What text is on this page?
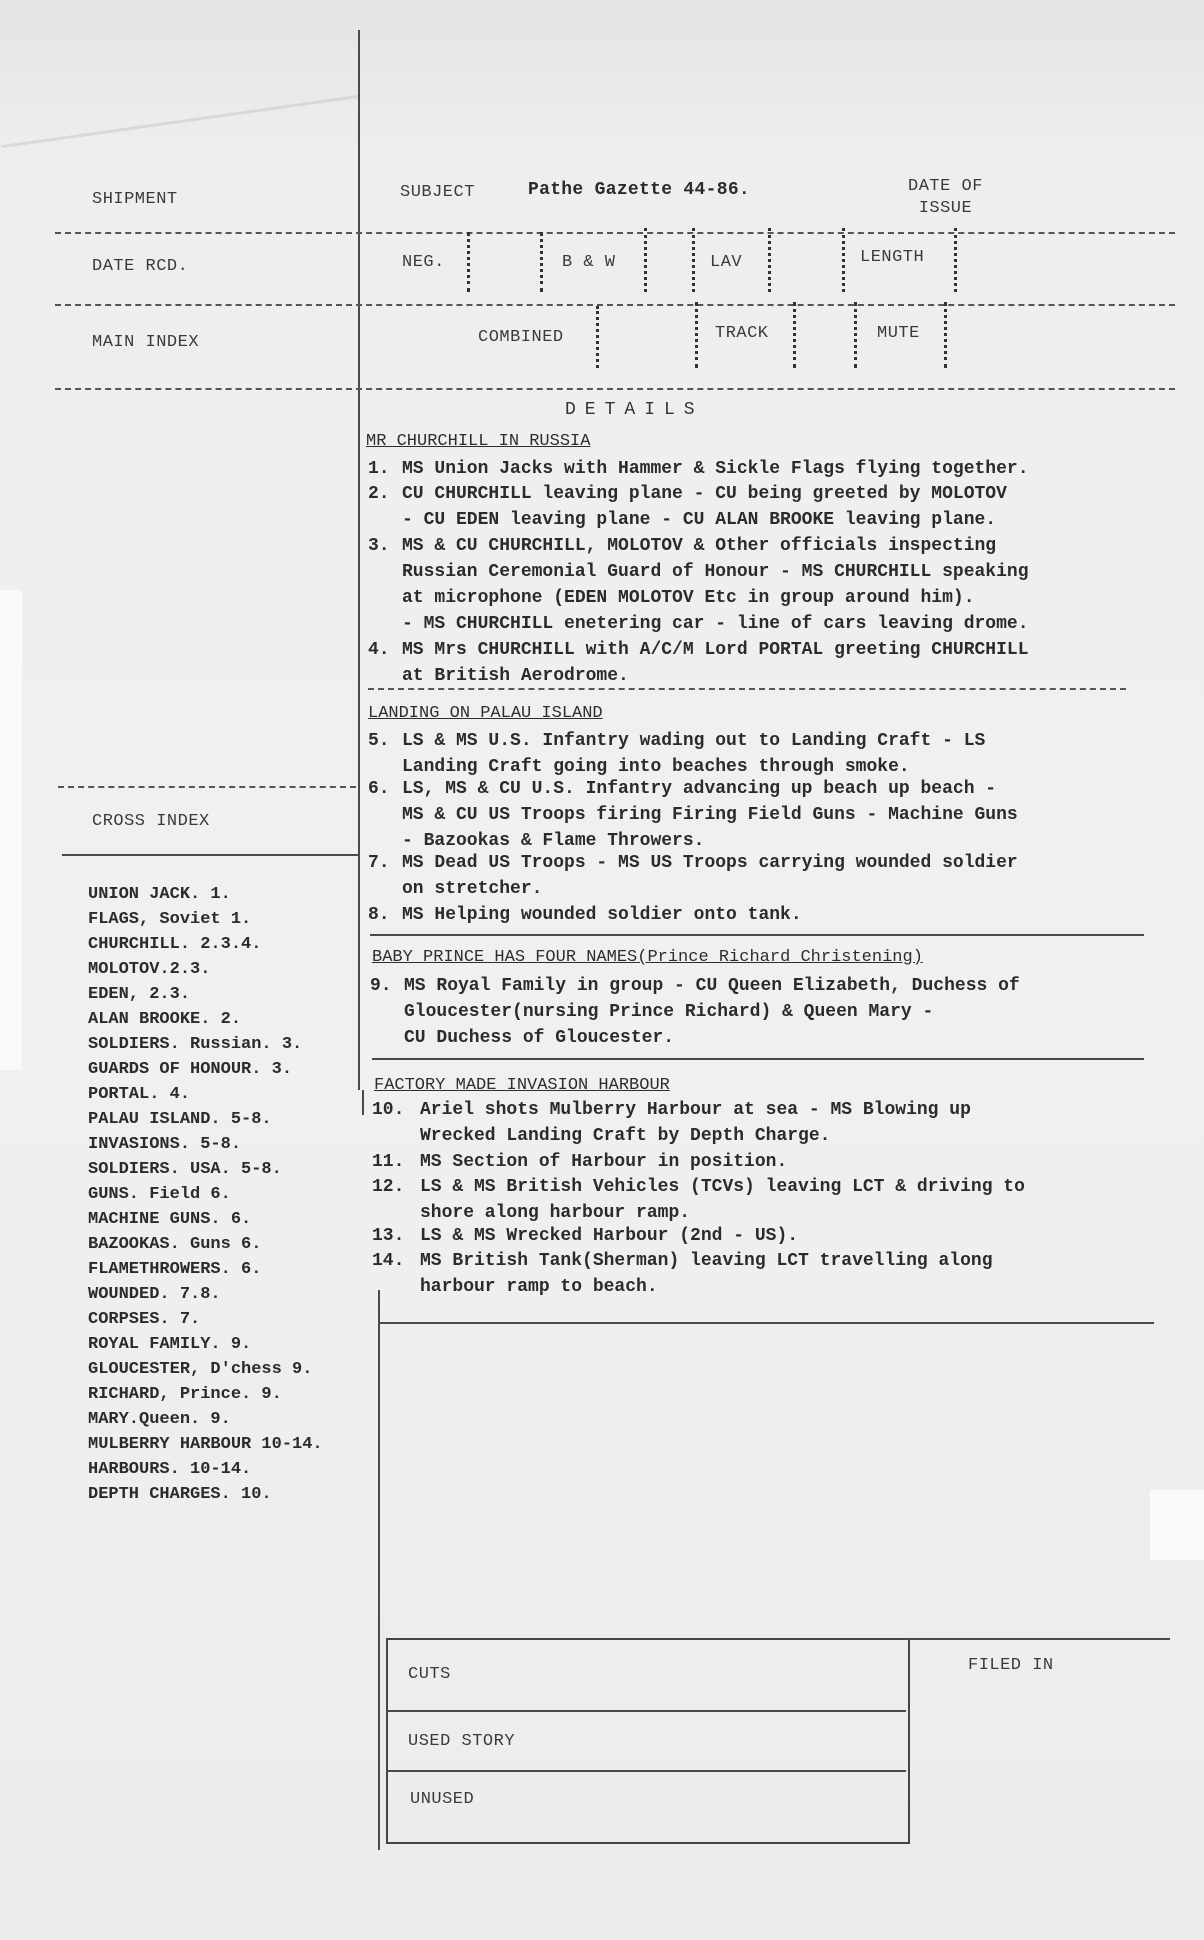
SHIPMENT	SUBJECT	Pathe Gazette 44-86.	DATE OF
ISSUE
DATE RCD.	NEG.	B & W	LAV	LENGTH
MAIN INDEX	COMBINED	TRACK	MUTE
DETAILS
MR CHURCHILL IN RUSSIA
1. MS Union Jacks with Hammer & Sickle Flags flying together.
2. CU CHURCHILL leaving plane - CU being greeted by MOLOTOV
- CU EDEN leaving plane - CU ALAN BROOKE leaving plane.
3. MS & CU CHURCHILL, MOLOTOV & Other officials inspecting
Russian Ceremonial Guard of Honour - MS CHURCHILL speaking
at microphone (EDEN MOLOTOV Etc in group around him).
- MS CHURCHILL enetering car - line of cars leaving drome.
4. MS Mrs CHURCHILL with A/C/M Lord PORTAL greeting CHURCHILL
at British Aerodrome.
LANDING ON PALAU ISLAND
5. LS & MS U.S. Infantry wading out to Landing Craft - LS
Landing Craft going into beaches through smoke.
6. LS, MS & CU U.S. Infantry advancing up beach up beach -
MS & CU US Troops firing Firing Field Guns - Machine Guns
- Bazookas & Flame Throwers.
7. MS Dead US Troops - MS US Troops carrying wounded soldier
on stretcher.
8. MS Helping wounded soldier onto tank.
BABY PRINCE HAS FOUR NAMES(Prince Richard Christening)
9. MS Royal Family in group - CU Queen Elizabeth, Duchess of
Gloucester(nursing Prince Richard) & Queen Mary -
CU Duchess of Gloucester.
FACTORY MADE INVASION HARBOUR
10. Ariel shots Mulberry Harbour at sea - MS Blowing up
Wrecked Landing Craft by Depth Charge.
11. MS Section of Harbour in position.
12. LS & MS British Vehicles (TCVs) leaving LCT & driving to
shore along harbour ramp.
13. LS & MS Wrecked Harbour (2nd - US).
14. MS British Tank(Sherman) leaving LCT travelling along
harbour ramp to beach.
CROSS INDEX
UNION JACK. 1.
FLAGS, Soviet 1.
CHURCHILL. 2.3.4.
MOLOTOV.2.3.
EDEN, 2.3.
ALAN BROOKE. 2.
SOLDIERS. Russian. 3.
GUARDS OF HONOUR. 3.
PORTAL. 4.
PALAU ISLAND. 5-8.
INVASIONS. 5-8.
SOLDIERS. USA. 5-8.
GUNS. Field 6.
MACHINE GUNS. 6.
BAZOOKAS. Guns 6.
FLAMETHROWERS. 6.
WOUNDED. 7.8.
CORPSES. 7.
ROYAL FAMILY. 9.
GLOUCESTER, D'chess 9.
RICHARD, Prince. 9.
MARY.Queen. 9.
MULBERRY HARBOUR 10-14.
HARBOURS. 10-14.
DEPTH CHARGES. 10.
CUTS
USED STORY
UNUSED
FILED IN
